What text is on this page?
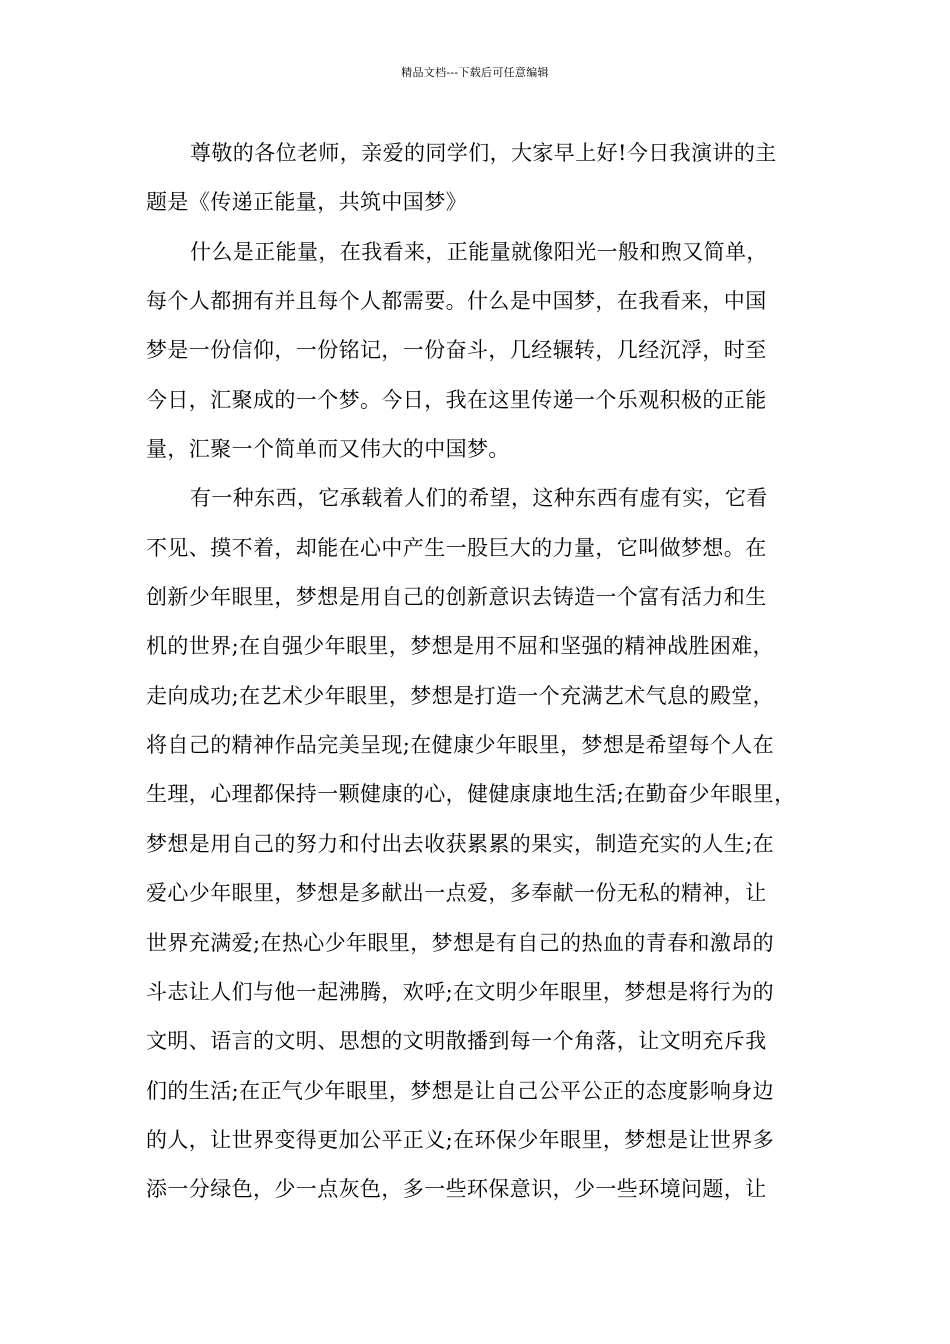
精品文档---下载后可任意编辑
尊敬的各位老师，亲爱的同学们，大家早上好!今日我演讲的主
题是《传递正能量，共筑中国梦》
什么是正能量，在我看来，正能量就像阳光一般和煦又简单，
每个人都拥有并且每个人都需要。什么是中国梦，在我看来，中国
梦是一份信仰，一份铭记，一份奋斗，几经辗转，几经沉浮，时至
今日，汇聚成的一个梦。今日，我在这里传递一个乐观积极的正能
量，汇聚一个简单而又伟大的中国梦。
有一种东西，它承载着人们的希望，这种东西有虚有实，它看
不见、摸不着，却能在心中产生一股巨大的力量，它叫做梦想。在
创新少年眼里，梦想是用自己的创新意识去铸造一个富有活力和生
机的世界;在自强少年眼里，梦想是用不屈和坚强的精神战胜困难，
走向成功;在艺术少年眼里，梦想是打造一个充满艺术气息的殿堂，
将自己的精神作品完美呈现;在健康少年眼里，梦想是希望每个人在
生理，心理都保持一颗健康的心，健健康康地生活;在勤奋少年眼里，
梦想是用自己的努力和付出去收获累累的果实，制造充实的人生;在
爱心少年眼里，梦想是多献出一点爱，多奉献一份无私的精神，让
世界充满爱;在热心少年眼里，梦想是有自己的热血的青春和激昂的
斗志让人们与他一起沸腾，欢呼;在文明少年眼里，梦想是将行为的
文明、语言的文明、思想的文明散播到每一个角落，让文明充斥我
们的生活;在正气少年眼里，梦想是让自己公平公正的态度影响身边
的人，让世界变得更加公平正义;在环保少年眼里，梦想是让世界多
添一分绿色，少一点灰色，多一些环保意识，少一些环境问题，让
